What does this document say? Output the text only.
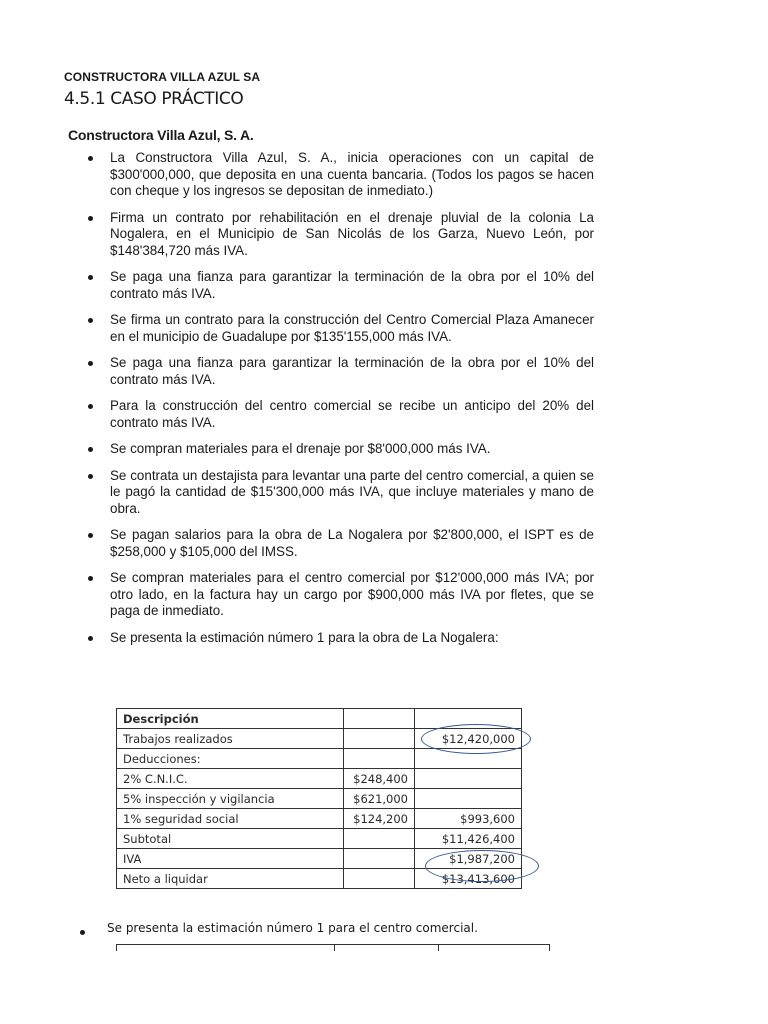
CONSTRUCTORA VILLA AZUL SA
4.5.1 CASO PRÁCTICO
Constructora Villa Azul, S. A.
La Constructora Villa Azul, S. A., inicia operaciones con un capital de $300'000,000, que deposita en una cuenta bancaria. (Todos los pagos se hacen con cheque y los ingresos se depositan de inmediato.)
Firma un contrato por rehabilitación en el drenaje pluvial de la colonia La Nogalera, en el Municipio de San Nicolás de los Garza, Nuevo León, por $148'384,720 más IVA.
Se paga una fianza para garantizar la terminación de la obra por el 10% del contrato más IVA.
Se firma un contrato para la construcción del Centro Comercial Plaza Amanecer en el municipio de Guadalupe por $135'155,000 más IVA.
Se paga una fianza para garantizar la terminación de la obra por el 10% del contrato más IVA.
Para la construcción del centro comercial se recibe un anticipo del 20% del contrato más IVA.
Se compran materiales para el drenaje por $8'000,000 más IVA.
Se contrata un destajista para levantar una parte del centro comercial, a quien se le pagó la cantidad de $15'300,000 más IVA, que incluye materiales y mano de obra.
Se pagan salarios para la obra de La Nogalera por $2'800,000, el ISPT es de $258,000 y $105,000 del IMSS.
Se compran materiales para el centro comercial por $12'000,000 más IVA; por otro lado, en la factura hay un cargo por $900,000 más IVA por fletes, que se paga de inmediato.
Se presenta la estimación número 1 para la obra de La Nogalera:
Descripción		
Trabajos realizados		$12,420,000
Deducciones:		
2% C.N.I.C.	$248,400	
5% inspección y vigilancia	$621,000	
1% seguridad social	$124,200	$993,600
Subtotal		$11,426,400
IVA		$1,987,200
Neto a liquidar		$13,413,600
Se presenta la estimación número 1 para el centro comercial.
